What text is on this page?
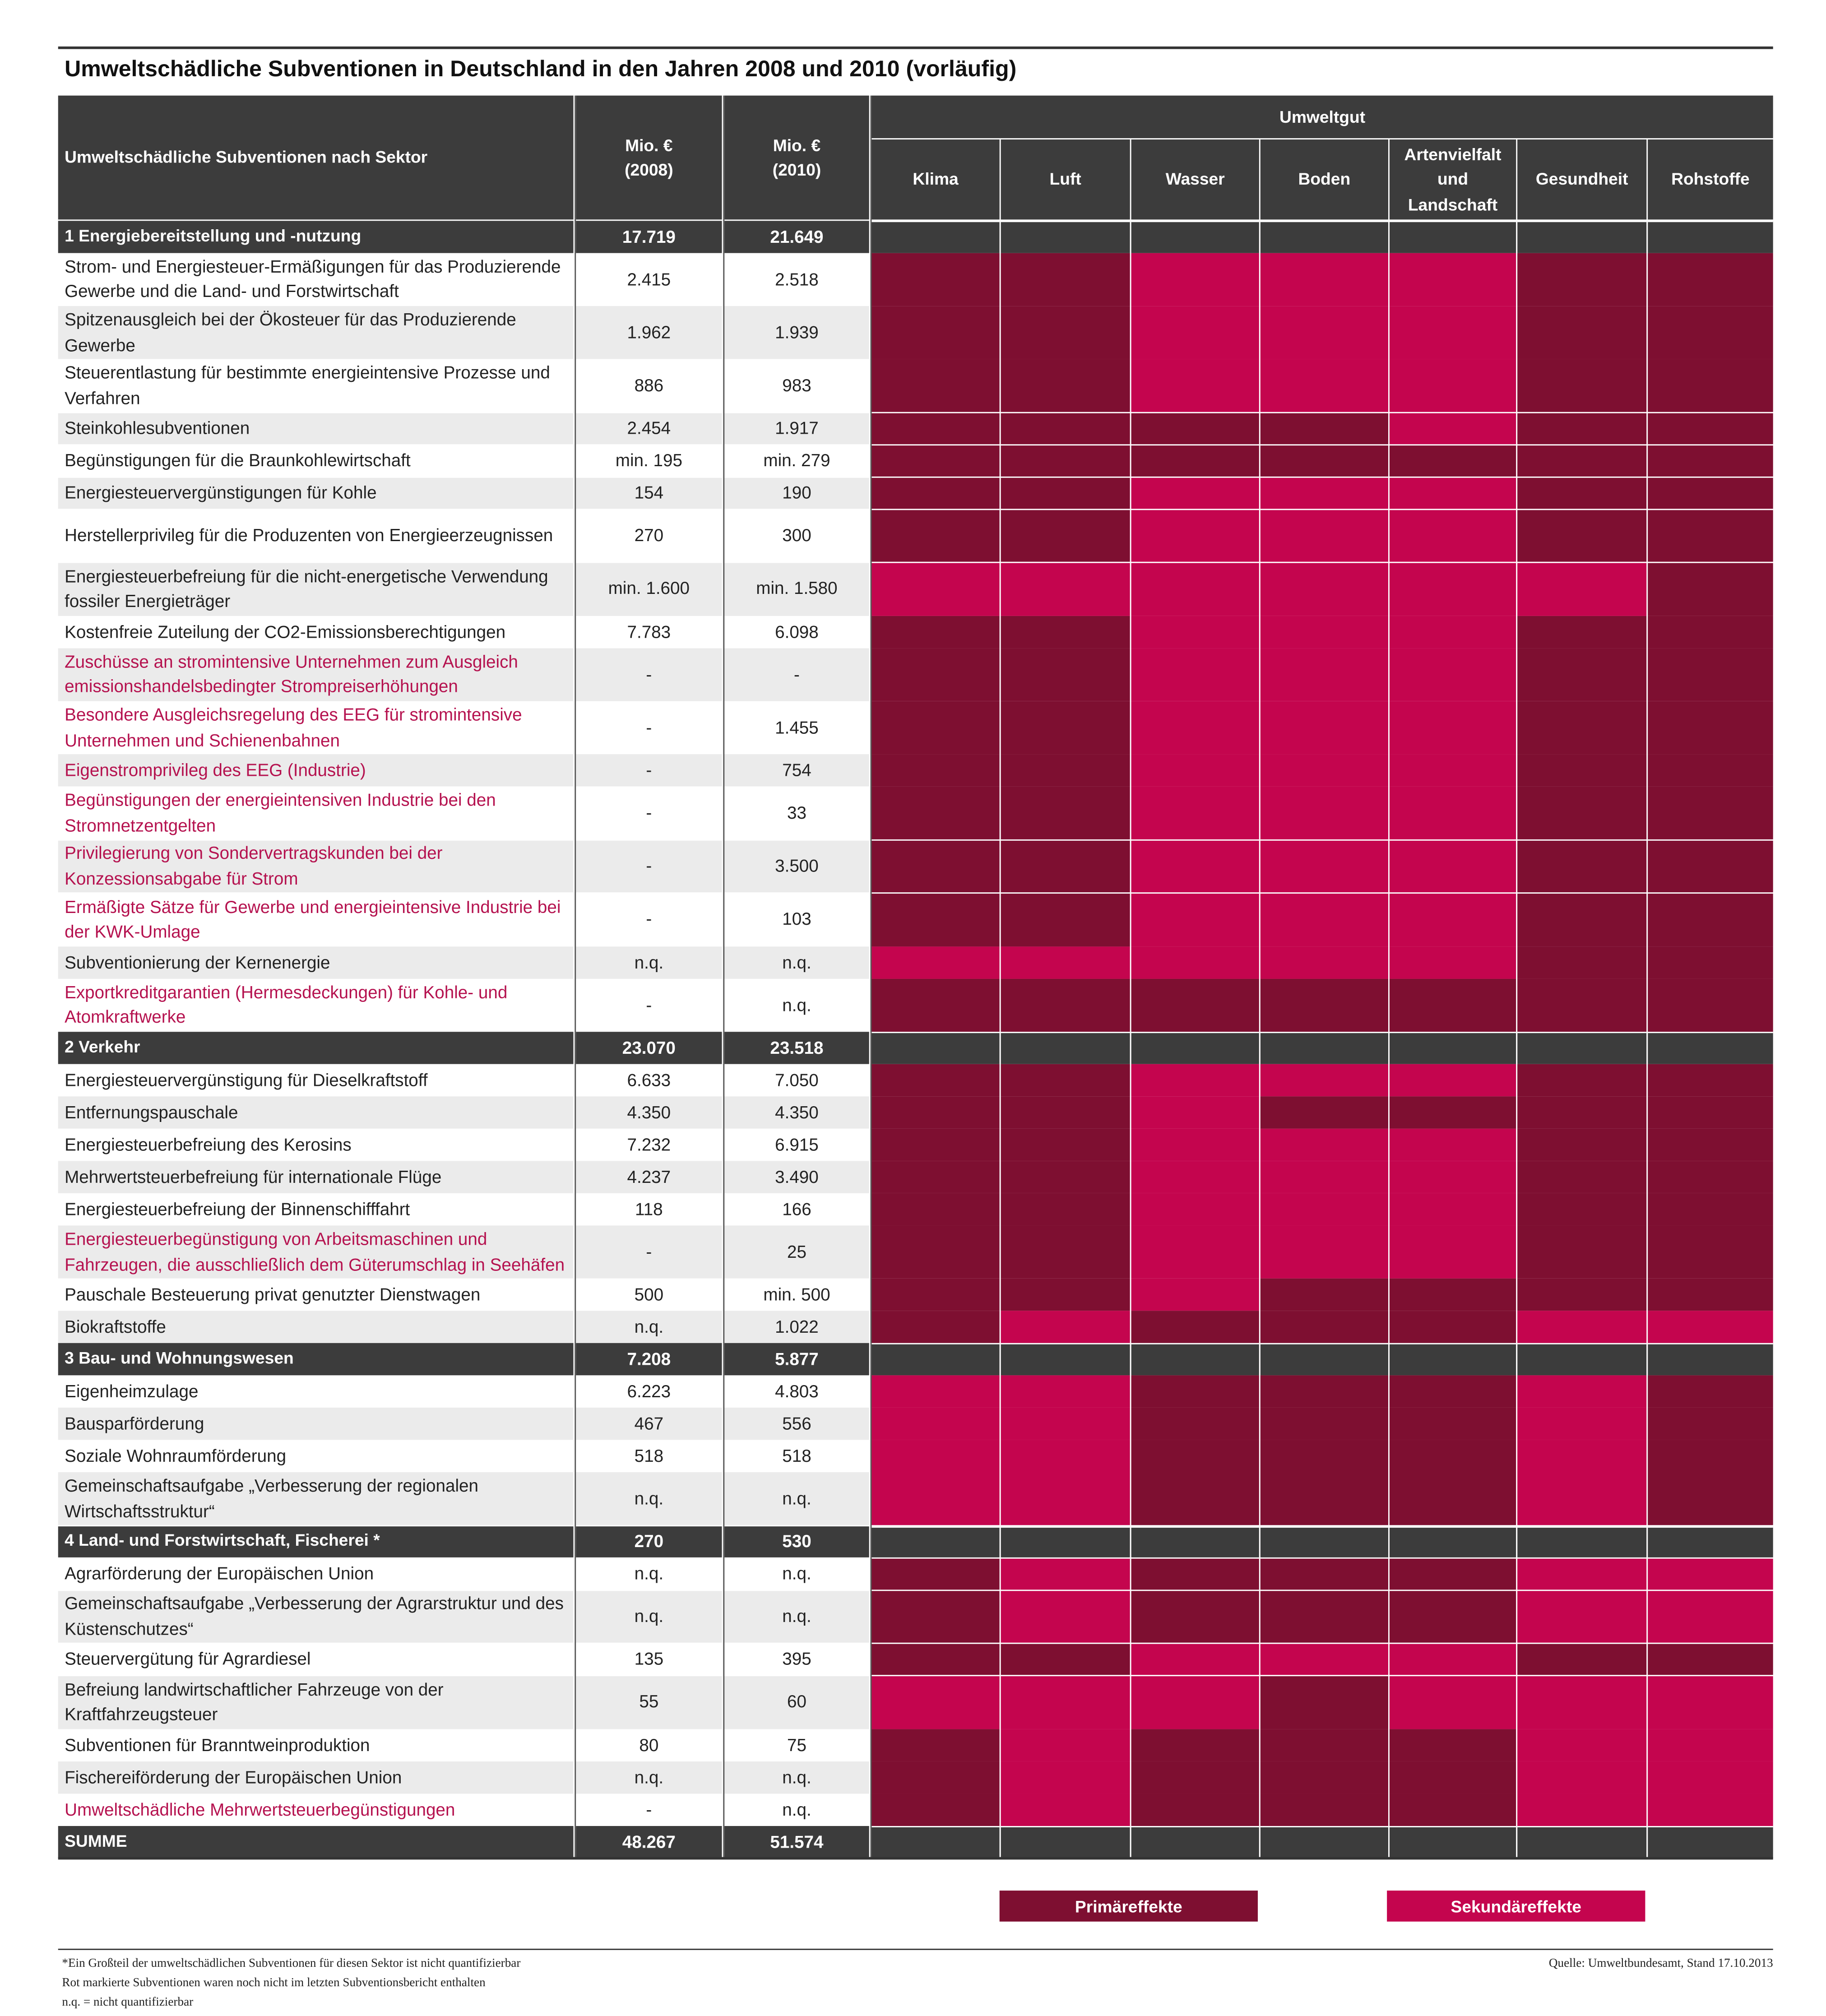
Umweltschädliche Subventionen in Deutschland in den Jahren 2008 und 2010 (vorläufig)
Umweltschädliche Subventionen nach Sektor
Mio. €
(2008)
Mio. €
(2010)
Umweltgut
Klima	Luft	Wasser	Boden
Artenvielfalt
und
Landschaft
Gesundheit	Rohstoffe
1 Energiebereitstellung und -nutzung	17.719	21.649
Strom- und Energiesteuer-Ermäßigungen für das Produzierende Gewerbe und die Land- und Forstwirtschaft
2.415	2.518
Spitzenausgleich bei der Ökosteuer für das Produzierende Gewerbe
1.962	1.939
Steuerentlastung für bestimmte energieintensive Prozesse und Verfahren
886	983
Steinkohlesubventionen	2.454	1.917
Begünstigungen für die Braunkohlewirtschaft	min. 195	min. 279
Energiesteuervergünstigungen für Kohle	154	190
Herstellerprivileg für die Produzenten von Energieerzeugnissen	270	300
Energiesteuerbefreiung für die nicht-energetische Verwendung fossiler Energieträger
min. 1.600	min. 1.580
Kostenfreie Zuteilung der CO2-Emissionsberechtigungen	7.783	6.098
Zuschüsse an stromintensive Unternehmen zum Ausgleich emissionshandelsbedingter Strompreiserhöhungen
-	-
Besondere Ausgleichsregelung des EEG für stromintensive Unternehmen und Schienenbahnen
-	1.455
Eigenstromprivileg des EEG (Industrie)	-	754
Begünstigungen der energieintensiven Industrie bei den Stromnetzentgelten
-	33
Privilegierung von Sondervertragskunden bei der Konzessionsabgabe für Strom
-	3.500
Ermäßigte Sätze für Gewerbe und energieintensive Industrie bei der KWK-Umlage
-	103
Subventionierung der Kernenergie	n.q.	n.q.
Exportkreditgarantien (Hermesdeckungen) für Kohle- und Atomkraftwerke
-	n.q.
2 Verkehr	23.070	23.518
Energiesteuervergünstigung für Dieselkraftstoff	6.633	7.050
Entfernungspauschale	4.350	4.350
Energiesteuerbefreiung des Kerosins	7.232	6.915
Mehrwertsteuerbefreiung für internationale Flüge	4.237	3.490
Energiesteuerbefreiung der Binnenschifffahrt	118	166
Energiesteuerbegünstigung von Arbeitsmaschinen und Fahrzeugen, die ausschließlich dem Güterumschlag in Seehäfen
-	25
Pauschale Besteuerung privat genutzter Dienstwagen	500	min. 500
Biokraftstoffe	n.q.	1.022
3 Bau- und Wohnungswesen	7.208	5.877
Eigenheimzulage	6.223	4.803
Bausparförderung	467	556
Soziale Wohnraumförderung	518	518
Gemeinschaftsaufgabe „Verbesserung der regionalen Wirtschaftsstruktur“
n.q.	n.q.
4 Land- und Forstwirtschaft, Fischerei *	270	530
Agrarförderung der Europäischen Union	n.q.	n.q.
Gemeinschaftsaufgabe „Verbesserung der Agrarstruktur und des Küstenschutzes“
n.q.	n.q.
Steuervergütung für Agrardiesel	135	395
Befreiung landwirtschaftlicher Fahrzeuge von der Kraftfahrzeugsteuer
55	60
Subventionen für Branntweinproduktion	80	75
Fischereiförderung der Europäischen Union	n.q.	n.q.
Umweltschädliche Mehrwertsteuerbegünstigungen	-	n.q.
SUMME	48.267	51.574
Primäreffekte	Sekundäreffekte
*Ein Großteil der umweltschädlichen Subventionen für diesen Sektor ist nicht quantifizierbar
Rot markierte Subventionen waren noch nicht im letzten Subventionsbericht enthalten
n.q. = nicht quantifizierbar
Quelle: Umweltbundesamt, Stand 17.10.2013
